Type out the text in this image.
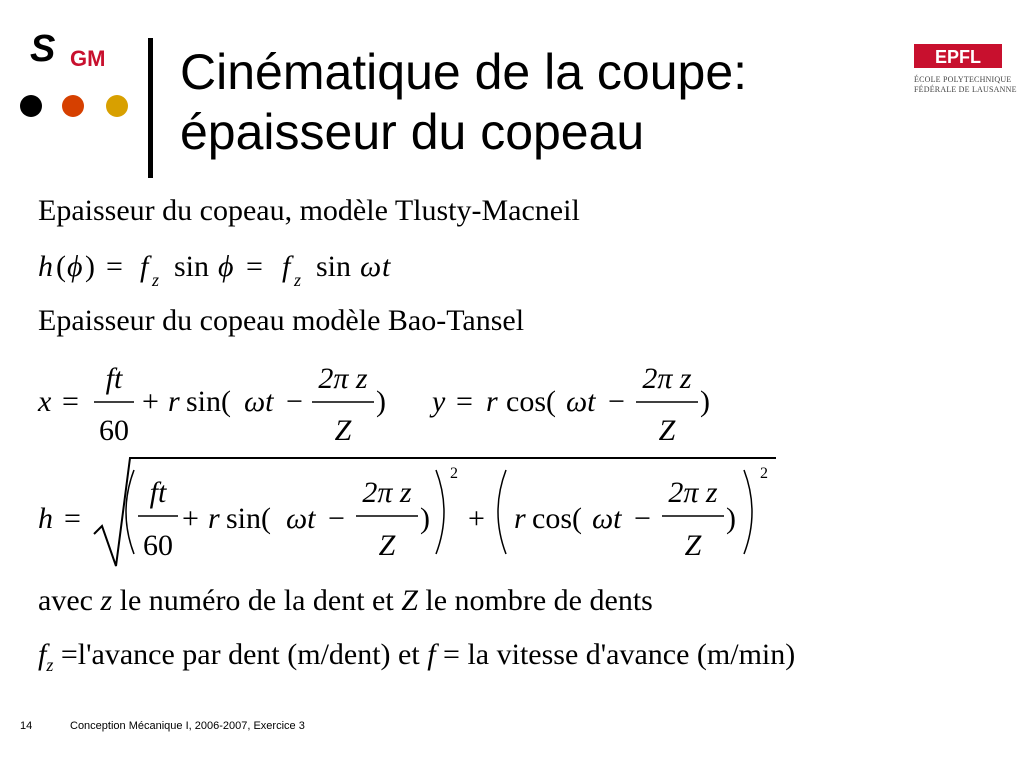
S GM Cinématique de la coupe:
épaisseur du copeau
EPFL
ÉCOLE POLYTECHNIQUE
FÉDÉRALE DE LAUSANNE
Epaisseur du copeau, modèle Tlusty-Macneil
h ( ϕ ) = f z sin ϕ = f z sin ω t
Epaisseur du copeau modèle Bao-Tansel
x =
ft
60
+ r sin( ωt −
2π z
Z
) y = r cos( ωt −
2π z
Z
)
h =
ft
60
+ r sin( ωt −
2π z
Z
)
2
+ r cos( ωt −
2π z
Z
)
2
avec z le numéro de la dent et Z le nombre de dents
$f_z$ =l'avance par dent (m/dent) et f = la vitesse d'avance (m/min)
14	Conception Mécanique I, 2006-2007, Exercice 3
